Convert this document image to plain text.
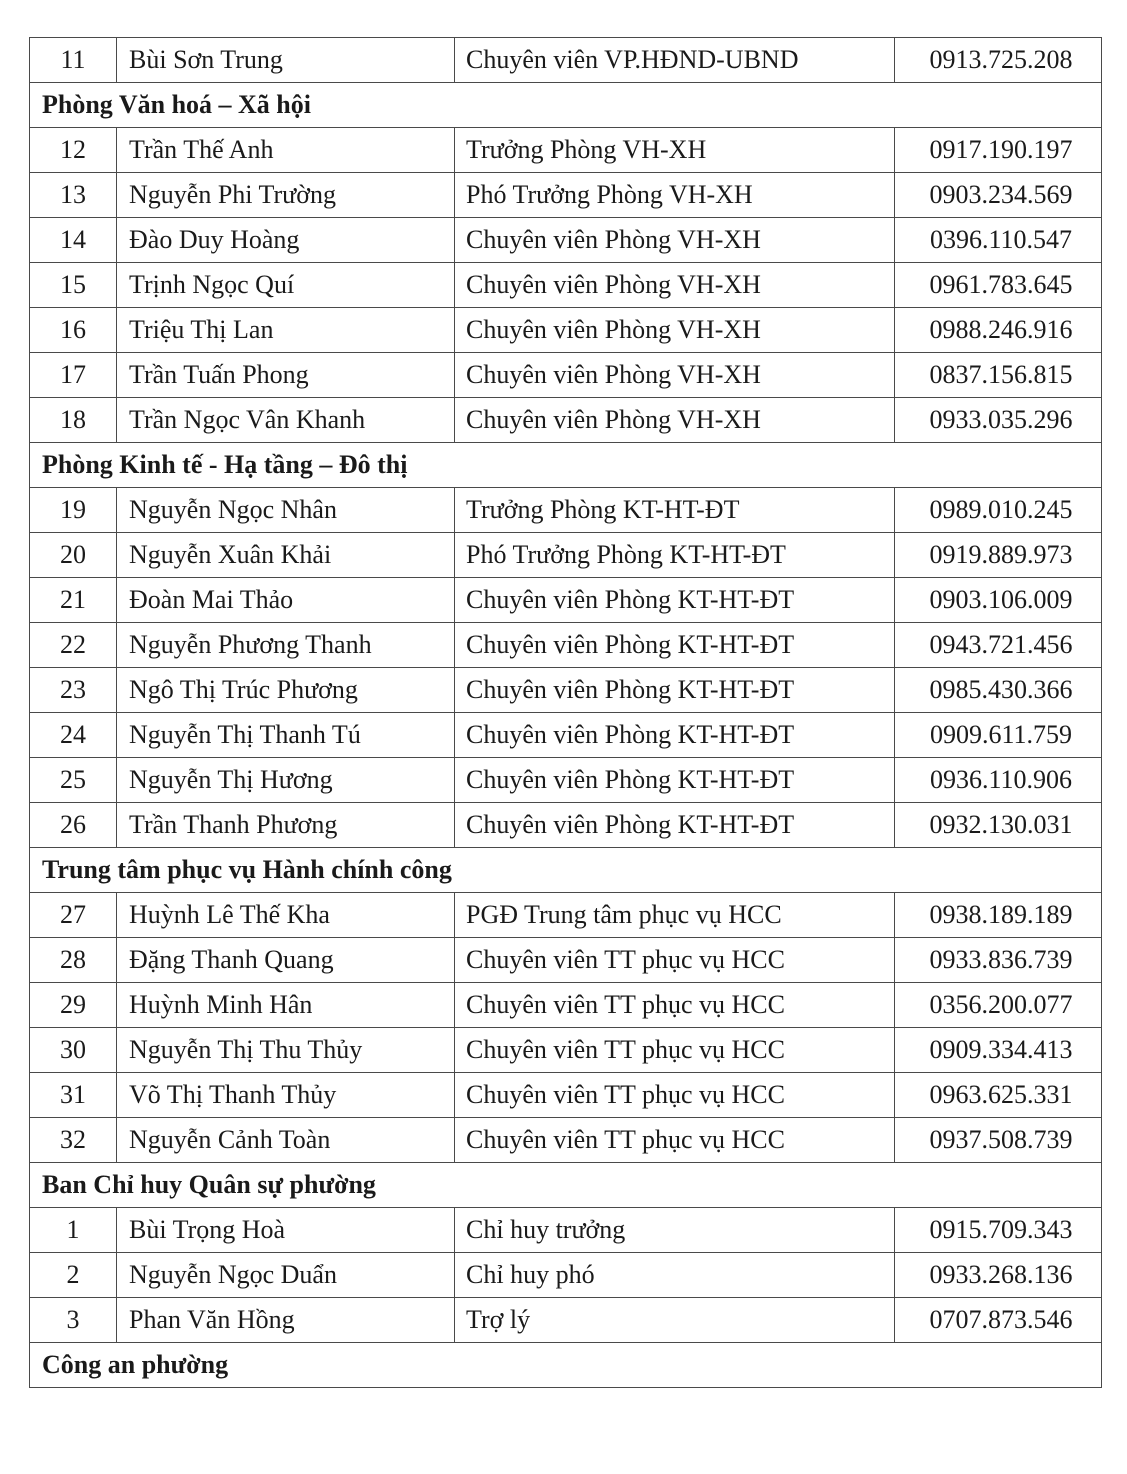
11	Bùi Sơn Trung	Chuyên viên VP.HĐND-UBND	0913.725.208
Phòng Văn hoá – Xã hội			
12	Trần Thế Anh	Trưởng Phòng VH-XH	0917.190.197
13	Nguyễn Phi Trường	Phó Trưởng Phòng VH-XH	0903.234.569
14	Đào Duy Hoàng	Chuyên viên Phòng VH-XH	0396.110.547
15	Trịnh Ngọc Quí	Chuyên viên Phòng VH-XH	0961.783.645
16	Triệu Thị Lan	Chuyên viên Phòng VH-XH	0988.246.916
17	Trần Tuấn Phong	Chuyên viên Phòng VH-XH	0837.156.815
18	Trần Ngọc Vân Khanh	Chuyên viên Phòng VH-XH	0933.035.296
Phòng Kinh tế - Hạ tầng – Đô thị			
19	Nguyễn Ngọc Nhân	Trưởng Phòng KT-HT-ĐT	0989.010.245
20	Nguyễn Xuân Khải	Phó Trưởng Phòng KT-HT-ĐT	0919.889.973
21	Đoàn Mai Thảo	Chuyên viên Phòng KT-HT-ĐT	0903.106.009
22	Nguyễn Phương Thanh	Chuyên viên Phòng KT-HT-ĐT	0943.721.456
23	Ngô Thị Trúc Phương	Chuyên viên Phòng KT-HT-ĐT	0985.430.366
24	Nguyễn Thị Thanh Tú	Chuyên viên Phòng KT-HT-ĐT	0909.611.759
25	Nguyễn Thị Hương	Chuyên viên Phòng KT-HT-ĐT	0936.110.906
26	Trần Thanh Phương	Chuyên viên Phòng KT-HT-ĐT	0932.130.031
Trung tâm phục vụ Hành chính công			
27	Huỳnh Lê Thế Kha	PGĐ Trung tâm phục vụ HCC	0938.189.189
28	Đặng Thanh Quang	Chuyên viên TT phục vụ HCC	0933.836.739
29	Huỳnh Minh Hân	Chuyên viên TT phục vụ HCC	0356.200.077
30	Nguyễn Thị Thu Thủy	Chuyên viên TT phục vụ HCC	0909.334.413
31	Võ Thị Thanh Thủy	Chuyên viên TT phục vụ HCC	0963.625.331
32	Nguyễn Cảnh Toàn	Chuyên viên TT phục vụ HCC	0937.508.739
Ban Chỉ huy Quân sự phường			
1	Bùi Trọng Hoà	Chỉ huy trưởng	0915.709.343
2	Nguyễn Ngọc Duẩn	Chỉ huy phó	0933.268.136
3	Phan Văn Hồng	Trợ lý	0707.873.546
Công an phường			
